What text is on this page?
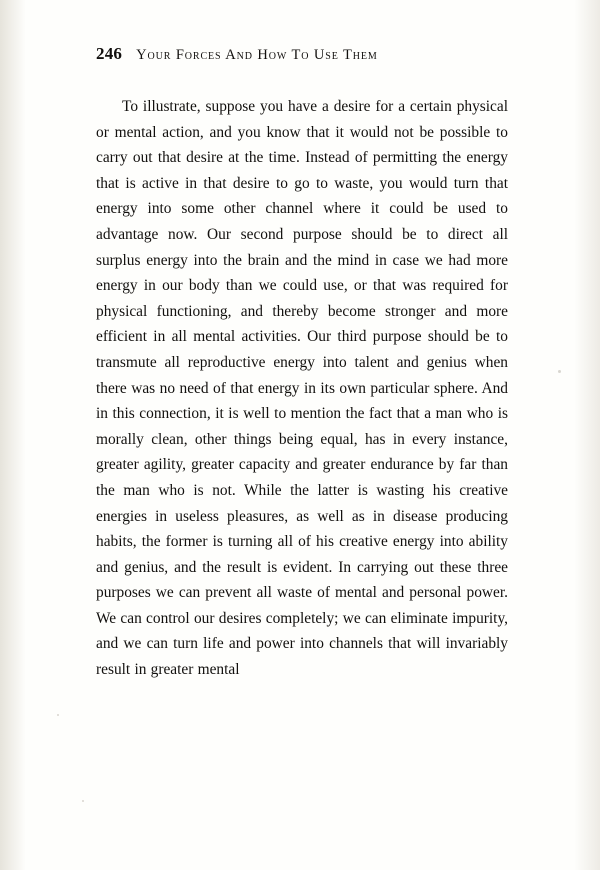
246 Your Forces And How To Use Them

To illustrate, suppose you have a desire for a certain physical or mental action, and you know that it would not be possible to carry out that desire at the time. Instead of permitting the energy that is active in that desire to go to waste, you would turn that energy into some other channel where it could be used to advantage now. Our second purpose should be to direct all surplus energy into the brain and the mind in case we had more energy in our body than we could use, or that was required for physical functioning, and thereby become stronger and more efficient in all mental activities. Our third purpose should be to transmute all reproductive energy into talent and genius when there was no need of that energy in its own particular sphere. And in this connection, it is well to mention the fact that a man who is morally clean, other things being equal, has in every instance, greater agility, greater capacity and greater endurance by far than the man who is not. While the latter is wasting his creative energies in useless pleasures, as well as in disease producing habits, the former is turning all of his creative energy into ability and genius, and the result is evident. In carrying out these three purposes we can prevent all waste of mental and personal power. We can control our desires completely; we can eliminate impurity, and we can turn life and power into channels that will invariably result in greater mental
